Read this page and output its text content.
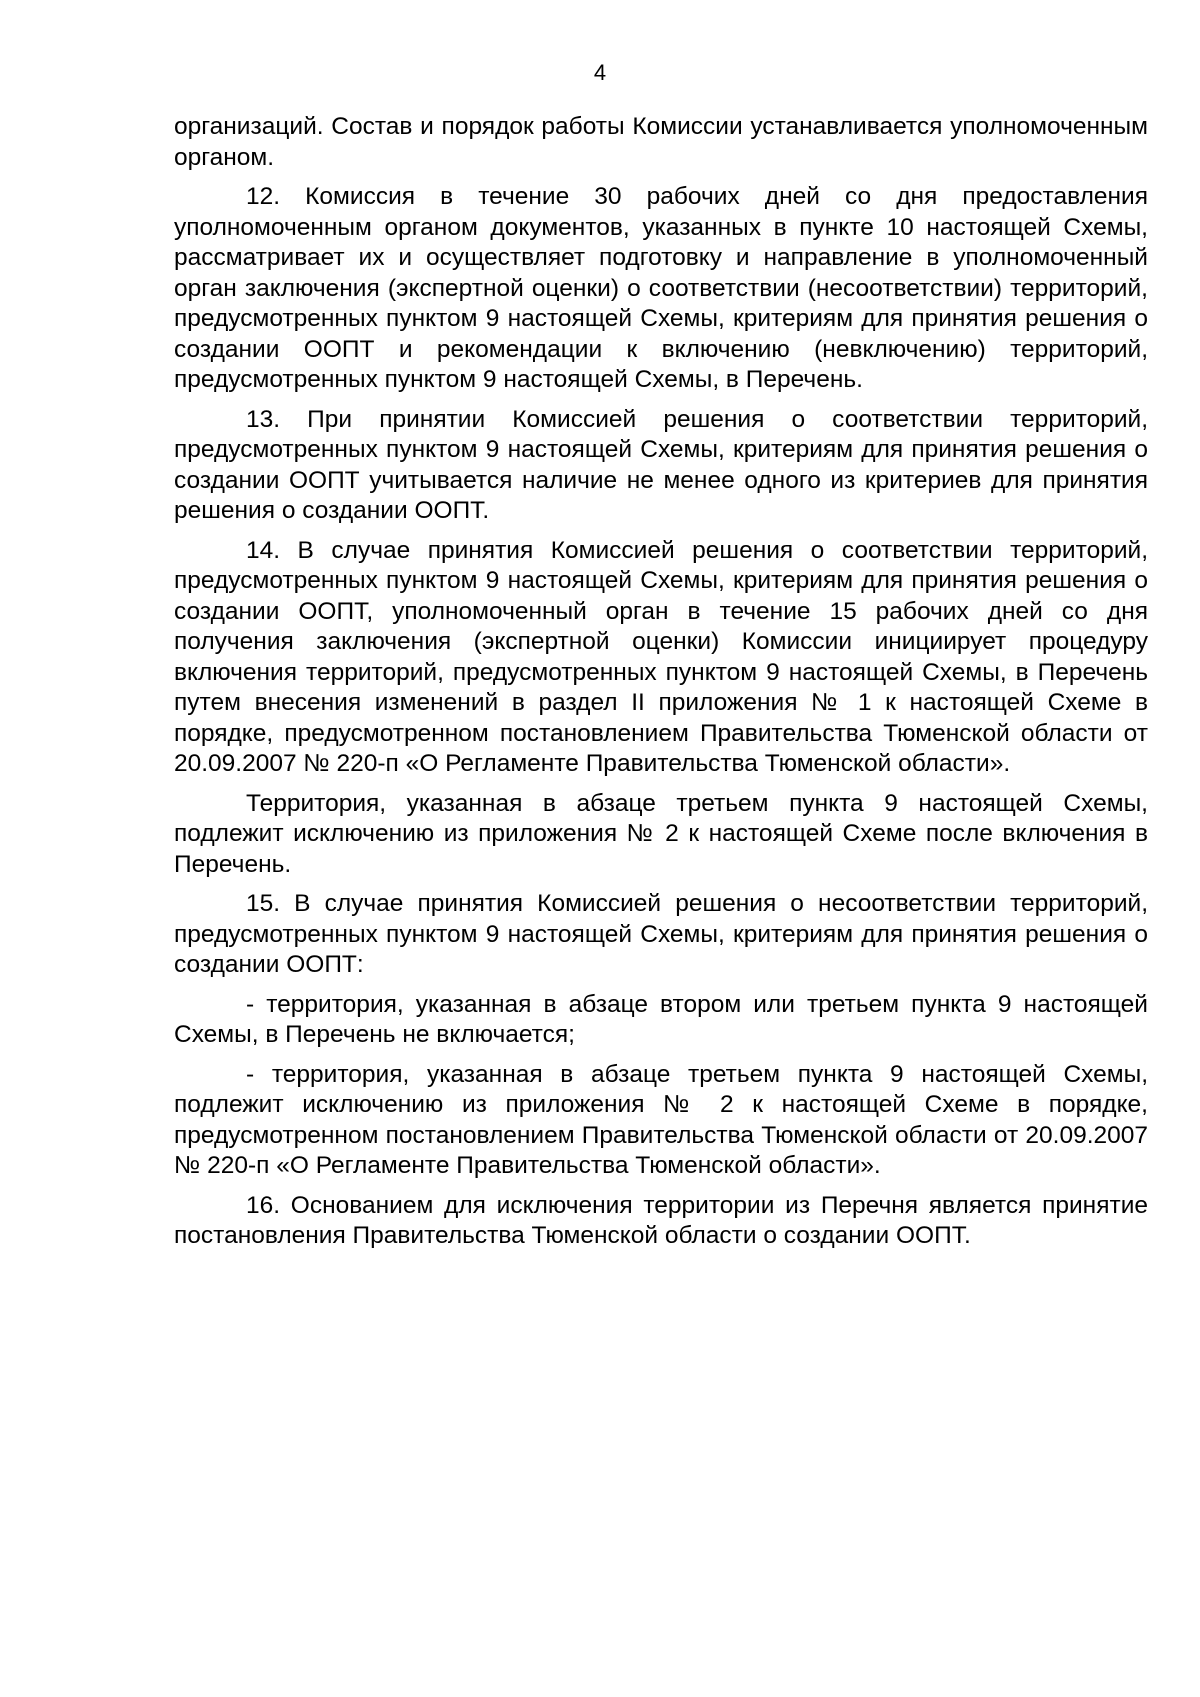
4

организаций. Состав и порядок работы Комиссии устанавливается уполномоченным органом.

12. Комиссия в течение 30 рабочих дней со дня предоставления уполномоченным органом документов, указанных в пункте 10 настоящей Схемы, рассматривает их и осуществляет подготовку и направление в уполномоченный орган заключения (экспертной оценки) о соответствии (несоответствии) территорий, предусмотренных пунктом 9 настоящей Схемы, критериям для принятия решения о создании ООПТ и рекомендации к включению (невключению) территорий, предусмотренных пунктом 9 настоящей Схемы, в Перечень.

13. При принятии Комиссией решения о соответствии территорий, предусмотренных пунктом 9 настоящей Схемы, критериям для принятия решения о создании ООПТ учитывается наличие не менее одного из критериев для принятия решения о создании ООПТ.

14. В случае принятия Комиссией решения о соответствии территорий, предусмотренных пунктом 9 настоящей Схемы, критериям для принятия решения о создании ООПТ, уполномоченный орган в течение 15 рабочих дней со дня получения заключения (экспертной оценки) Комиссии инициирует процедуру включения территорий, предусмотренных пунктом 9 настоящей Схемы, в Перечень путем внесения изменений в раздел II приложения № 1 к настоящей Схеме в порядке, предусмотренном постановлением Правительства Тюменской области от 20.09.2007 № 220-п «О Регламенте Правительства Тюменской области».

Территория, указанная в абзаце третьем пункта 9 настоящей Схемы, подлежит исключению из приложения № 2 к настоящей Схеме после включения в Перечень.

15. В случае принятия Комиссией решения о несоответствии территорий, предусмотренных пунктом 9 настоящей Схемы, критериям для принятия решения о создании ООПТ:

- территория, указанная в абзаце втором или третьем пункта 9 настоящей Схемы, в Перечень не включается;

- территория, указанная в абзаце третьем пункта 9 настоящей Схемы, подлежит исключению из приложения № 2 к настоящей Схеме в порядке, предусмотренном постановлением Правительства Тюменской области от 20.09.2007 № 220-п «О Регламенте Правительства Тюменской области».

16. Основанием для исключения территории из Перечня является принятие постановления Правительства Тюменской области о создании ООПТ.
